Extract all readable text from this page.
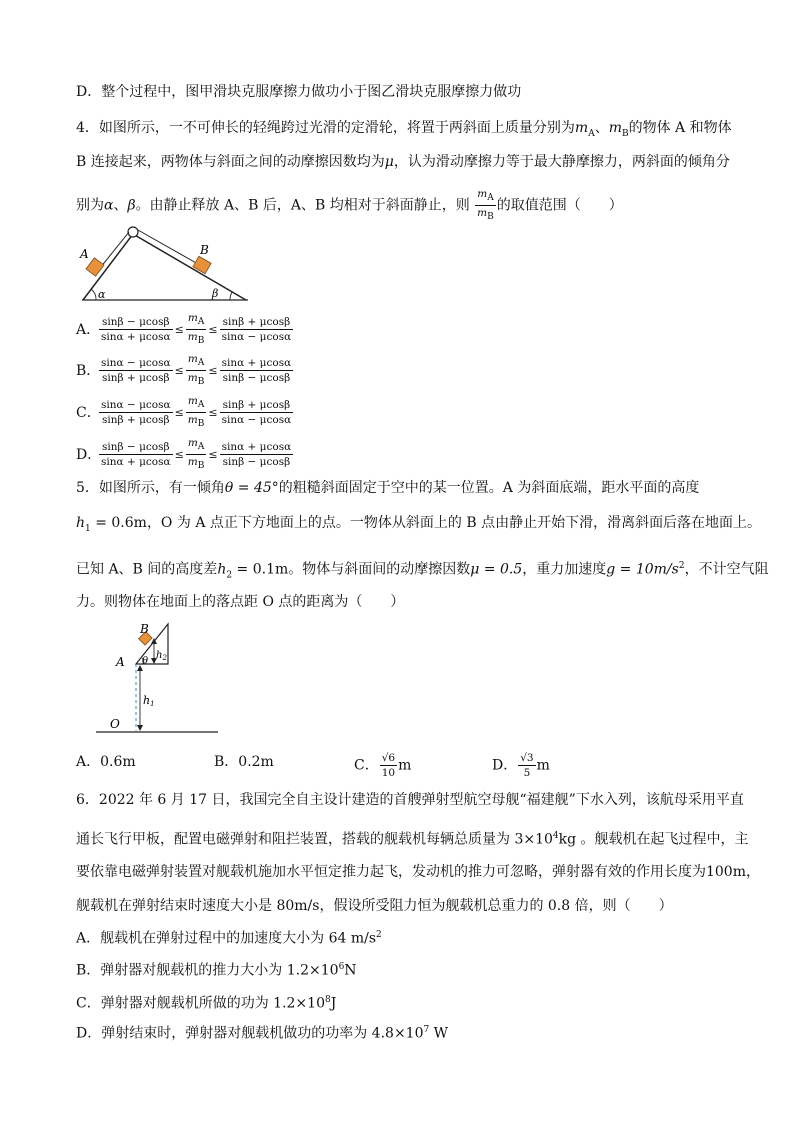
D．整个过程中，图甲滑块克服摩擦力做功小于图乙滑块克服摩擦力做功
4．如图所示，一不可伸长的轻绳跨过光滑的定滑轮，将置于两斜面上质量分别为$m_A$、$m_B$的物体 A 和物体
B 连接起来，两物体与斜面之间的动摩擦因数均为μ，认为滑动摩擦力等于最大静摩擦力，两斜面的倾角分
别为α、β。由静止释放 A、B 后，A、B 均相对于斜面静止，则 $\frac{m_A}{m_B}$ 的取值范围（　　）
A	B
α	β
A．
$\frac{\sin\beta - \mu\cos\beta}{\sin\alpha + \mu\cos\alpha} \le \frac{m_A}{m_B} \le \frac{\sin\beta + \mu\cos\beta}{\sin\alpha - \mu\cos\alpha}$
B．
$\frac{\sin\alpha - \mu\cos\alpha}{\sin\beta + \mu\cos\beta} \le \frac{m_A}{m_B} \le \frac{\sin\alpha + \mu\cos\alpha}{\sin\beta - \mu\cos\beta}$
C．
$\frac{\sin\alpha - \mu\cos\alpha}{\sin\beta + \mu\cos\beta} \le \frac{m_A}{m_B} \le \frac{\sin\beta + \mu\cos\beta}{\sin\alpha - \mu\cos\alpha}$
D．
$\frac{\sin\beta - \mu\cos\beta}{\sin\alpha + \mu\cos\alpha} \le \frac{m_A}{m_B} \le \frac{\sin\alpha + \mu\cos\alpha}{\sin\beta - \mu\cos\beta}$
5．如图所示，有一倾角θ = 45°的粗糙斜面固定于空中的某一位置。A 为斜面底端，距水平面的高度
$h_1 = 0.6m$，O 为 A 点正下方地面上的点。一物体从斜面上的 B 点由静止开始下滑，滑离斜面后落在地面上。
已知 A、B 间的高度差$h_2 = 0.1m$。物体与斜面间的动摩擦因数μ = 0.5，重力加速度$g = 10m/s^2$，不计空气阻
力。则物体在地面上的落点距 O 点的距离为（　　）
B
A θ
$h_2$
h1
O
A．0.6m	B．0.2m	C． $\frac{√6}{10}$ m	D． $\frac{√3}{5}$ m
6．2022 年 6 月 17 日，我国完全自主设计建造的首艘弹射型航空母舰“福建舰”下水入列，该航母采用平直
通长飞行甲板，配置电磁弹射和阻拦装置，搭载的舰载机每辆总质量为 $3\times 10^4kg$ 。舰载机在起飞过程中，主
要依靠电磁弹射装置对舰载机施加水平恒定推力起飞，发动机的推力可忽略，弹射器有效的作用长度为100m，
舰载机在弹射结束时速度大小是 80m/s，假设所受阻力恒为舰载机总重力的 0.8 倍，则（　　）
A．舰载机在弹射过程中的加速度大小为 64 $m/s^2$
B．弹射器对舰载机的推力大小为 $1.2\times 10^6N$
C．弹射器对舰载机所做的功为 $1.2\times 10^8J$
D．弹射结束时，弹射器对舰载机做功的功率为 $4.8\times 10^7$ W
